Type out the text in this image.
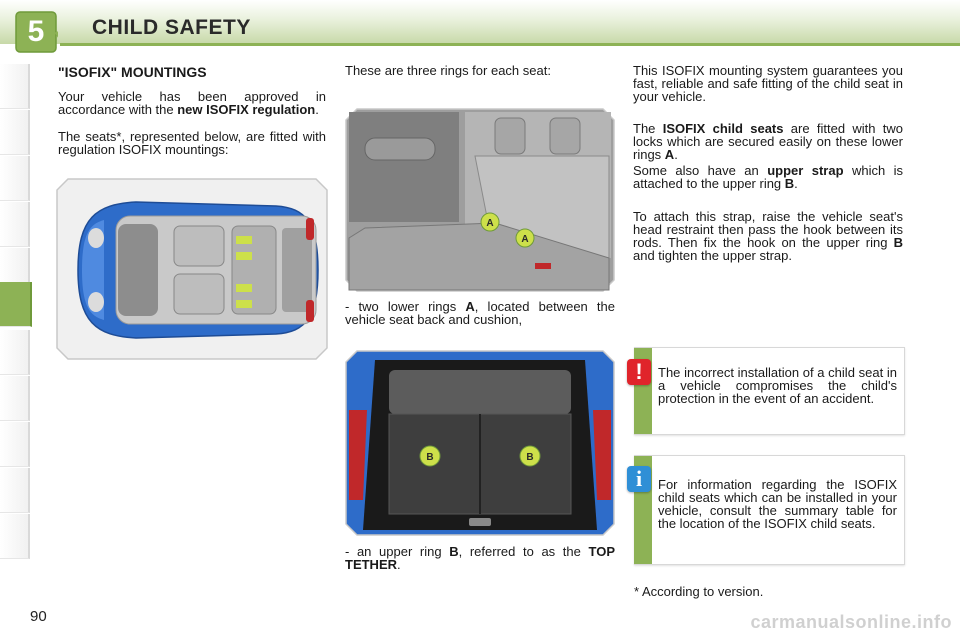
5	CHILD SAFETY
"ISOFIX" MOUNTINGS
Your vehicle has been approved in accordance with the new ISOFIX regulation.
The seats*, represented below, are fitted with regulation ISOFIX mountings:
These are three rings for each seat:
A
A
- two lower rings A, located between the vehicle seat back and cushion,
B	B
- an upper ring B, referred to as the TOP TETHER.
This ISOFIX mounting system guarantees you fast, reliable and safe fitting of the child seat in your vehicle.
The ISOFIX child seats are fitted with two locks which are secured easily on these lower rings A.
Some also have an upper strap which is attached to the upper ring B.
To attach this strap, raise the vehicle seat's head restraint then pass the hook between its rods. Then fix the hook on the upper ring B and tighten the upper strap.
The incorrect installation of a child seat in a vehicle compromises the child's protection in the event of an accident.
!
For information regarding the ISOFIX child seats which can be installed in your vehicle, consult the summary table for the location of the ISOFIX child seats.
i
* According to version.
90	carmanualsonline.info
